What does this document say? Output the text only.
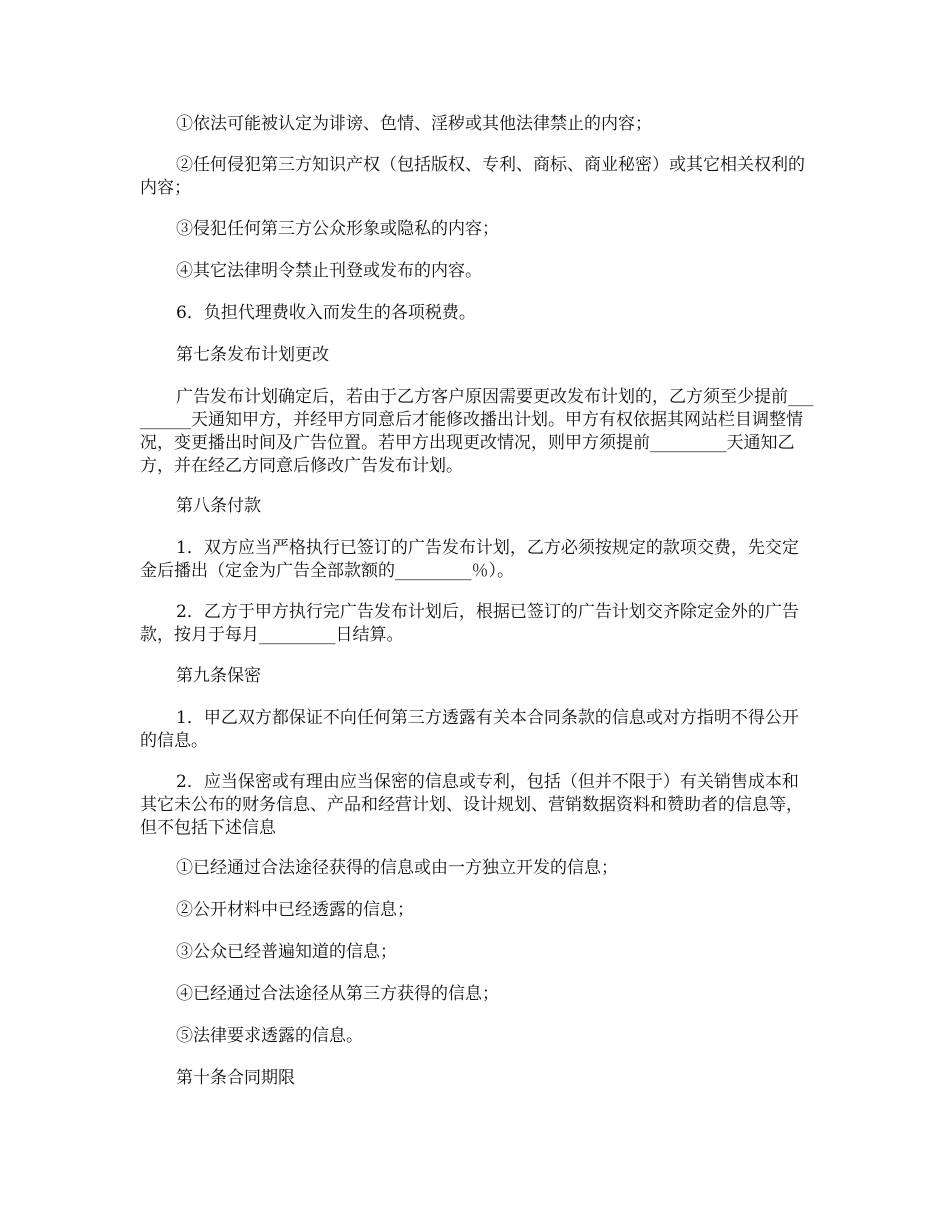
①依法可能被认定为诽谤、色情、淫秽或其他法律禁止的内容；

②任何侵犯第三方知识产权（包括版权、专利、商标、商业秘密）或其它相关权利的内容；

③侵犯任何第三方公众形象或隐私的内容；

④其它法律明令禁止刊登或发布的内容。

6．负担代理费收入而发生的各项税费。

第七条发布计划更改

广告发布计划确定后，若由于乙方客户原因需要更改发布计划的，乙方须至少提前_________天通知甲方，并经甲方同意后才能修改播出计划。甲方有权依据其网站栏目调整情况，变更播出时间及广告位置。若甲方出现更改情况，则甲方须提前_________天通知乙方，并在经乙方同意后修改广告发布计划。

第八条付款

1．双方应当严格执行已签订的广告发布计划，乙方必须按规定的款项交费，先交定金后播出（定金为广告全部款额的_________％）。

2．乙方于甲方执行完广告发布计划后，根据已签订的广告计划交齐除定金外的广告款，按月于每月_________日结算。

第九条保密

1．甲乙双方都保证不向任何第三方透露有关本合同条款的信息或对方指明不得公开的信息。

2．应当保密或有理由应当保密的信息或专利，包括（但并不限于）有关销售成本和其它未公布的财务信息、产品和经营计划、设计规划、营销数据资料和赞助者的信息等，但不包括下述信息

①已经通过合法途径获得的信息或由一方独立开发的信息；

②公开材料中已经透露的信息；

③公众已经普遍知道的信息；

④已经通过合法途径从第三方获得的信息；

⑤法律要求透露的信息。

第十条合同期限
